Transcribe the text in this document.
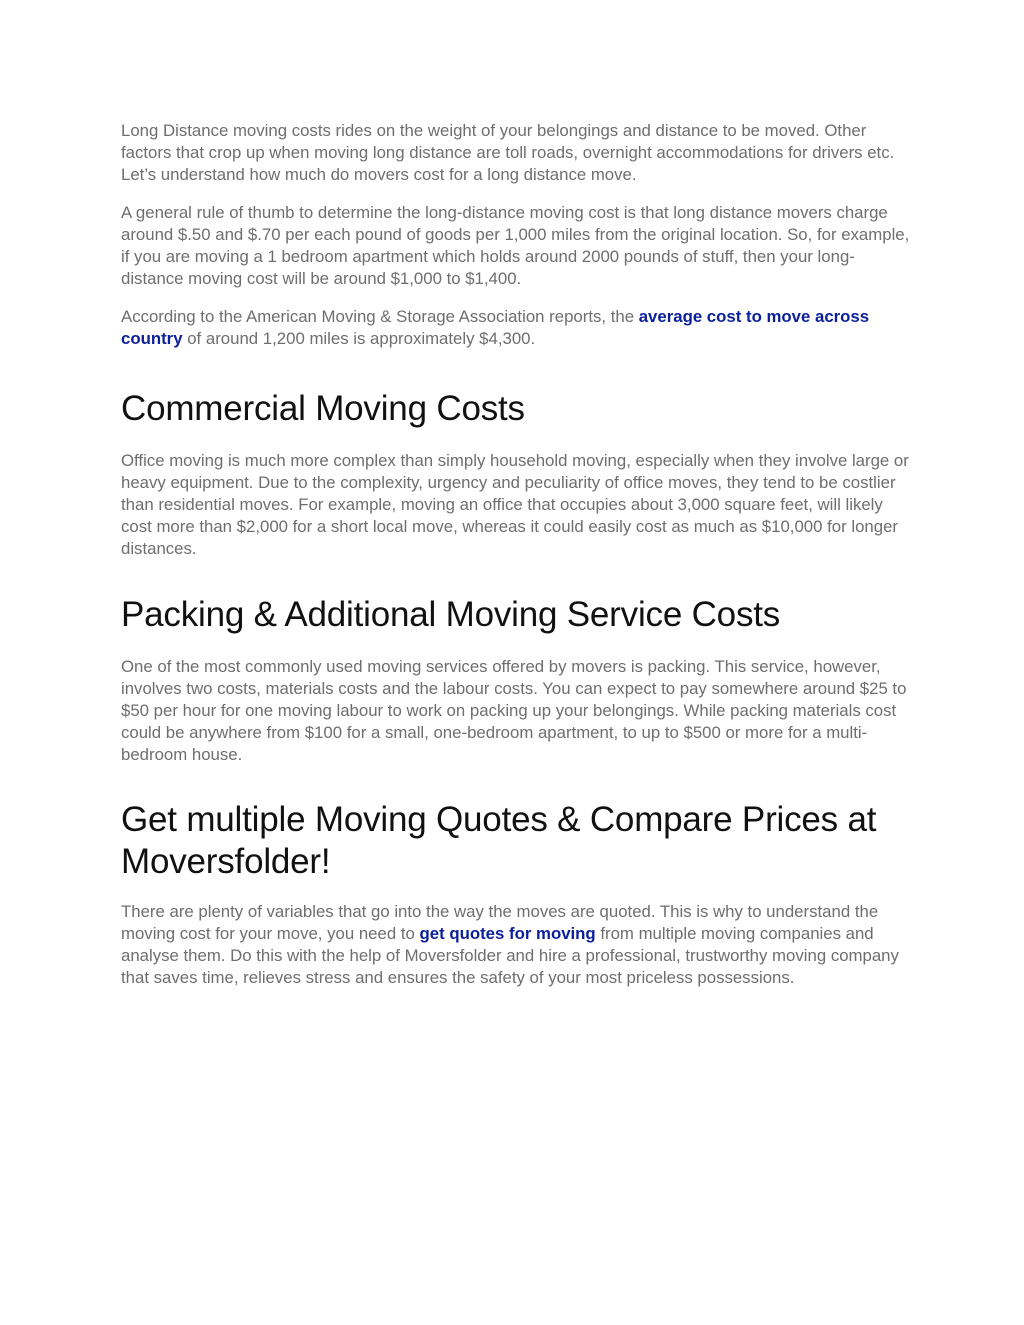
Long Distance moving costs rides on the weight of your belongings and distance to be moved. Other factors that crop up when moving long distance are toll roads, overnight accommodations for drivers etc. Let’s understand how much do movers cost for a long distance move.

A general rule of thumb to determine the long-distance moving cost is that long distance movers charge around $.50 and $.70 per each pound of goods per 1,000 miles from the original location. So, for example, if you are moving a 1 bedroom apartment which holds around 2000 pounds of stuff, then your long-distance moving cost will be around $1,000 to $1,400.

According to the American Moving & Storage Association reports, the average cost to move across country of around 1,200 miles is approximately $4,300.

Commercial Moving Costs

Office moving is much more complex than simply household moving, especially when they involve large or heavy equipment. Due to the complexity, urgency and peculiarity of office moves, they tend to be costlier than residential moves. For example, moving an office that occupies about 3,000 square feet, will likely cost more than $2,000 for a short local move, whereas it could easily cost as much as $10,000 for longer distances.

Packing & Additional Moving Service Costs

One of the most commonly used moving services offered by movers is packing. This service, however, involves two costs, materials costs and the labour costs. You can expect to pay somewhere around $25 to $50 per hour for one moving labour to work on packing up your belongings. While packing materials cost could be anywhere from $100 for a small, one-bedroom apartment, to up to $500 or more for a multi-bedroom house.

Get multiple Moving Quotes & Compare Prices at Moversfolder!

There are plenty of variables that go into the way the moves are quoted. This is why to understand the moving cost for your move, you need to get quotes for moving from multiple moving companies and analyse them. Do this with the help of Moversfolder and hire a professional, trustworthy moving company that saves time, relieves stress and ensures the safety of your most priceless possessions.
